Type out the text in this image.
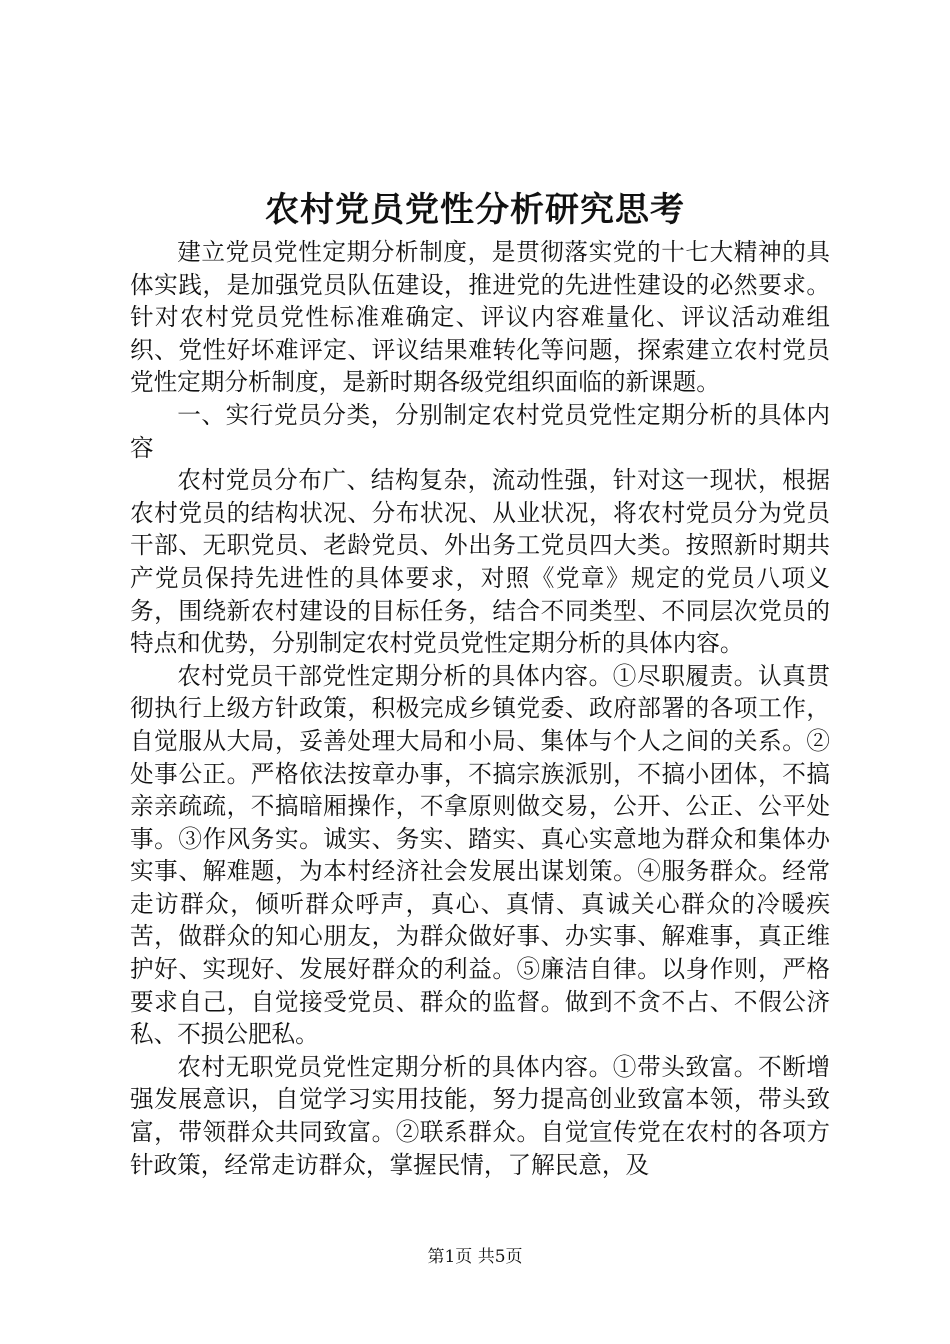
农村党员党性分析研究思考

建立党员党性定期分析制度，是贯彻落实党的十七大精神的具体实践，是加强党员队伍建设，推进党的先进性建设的必然要求。针对农村党员党性标准难确定、评议内容难量化、评议活动难组织、党性好坏难评定、评议结果难转化等问题，探索建立农村党员党性定期分析制度，是新时期各级党组织面临的新课题。

一、实行党员分类，分别制定农村党员党性定期分析的具体内容

农村党员分布广、结构复杂，流动性强，针对这一现状，根据农村党员的结构状况、分布状况、从业状况，将农村党员分为党员干部、无职党员、老龄党员、外出务工党员四大类。按照新时期共产党员保持先进性的具体要求，对照《党章》规定的党员八项义务，围绕新农村建设的目标任务，结合不同类型、不同层次党员的特点和优势，分别制定农村党员党性定期分析的具体内容。

农村党员干部党性定期分析的具体内容。①尽职履责。认真贯彻执行上级方针政策，积极完成乡镇党委、政府部署的各项工作，自觉服从大局，妥善处理大局和小局、集体与个人之间的关系。②处事公正。严格依法按章办事，不搞宗族派别，不搞小团体，不搞亲亲疏疏，不搞暗厢操作，不拿原则做交易，公开、公正、公平处事。③作风务实。诚实、务实、踏实、真心实意地为群众和集体办实事、解难题，为本村经济社会发展出谋划策。④服务群众。经常走访群众，倾听群众呼声，真心、真情、真诚关心群众的冷暖疾苦，做群众的知心朋友，为群众做好事、办实事、解难事，真正维护好、实现好、发展好群众的利益。⑤廉洁自律。以身作则，严格要求自己，自觉接受党员、群众的监督。做到不贪不占、不假公济私、不损公肥私。

农村无职党员党性定期分析的具体内容。①带头致富。不断增强发展意识，自觉学习实用技能，努力提高创业致富本领，带头致富，带领群众共同致富。②联系群众。自觉宣传党在农村的各项方针政策，经常走访群众，掌握民情，了解民意，及

第1页 共5页
